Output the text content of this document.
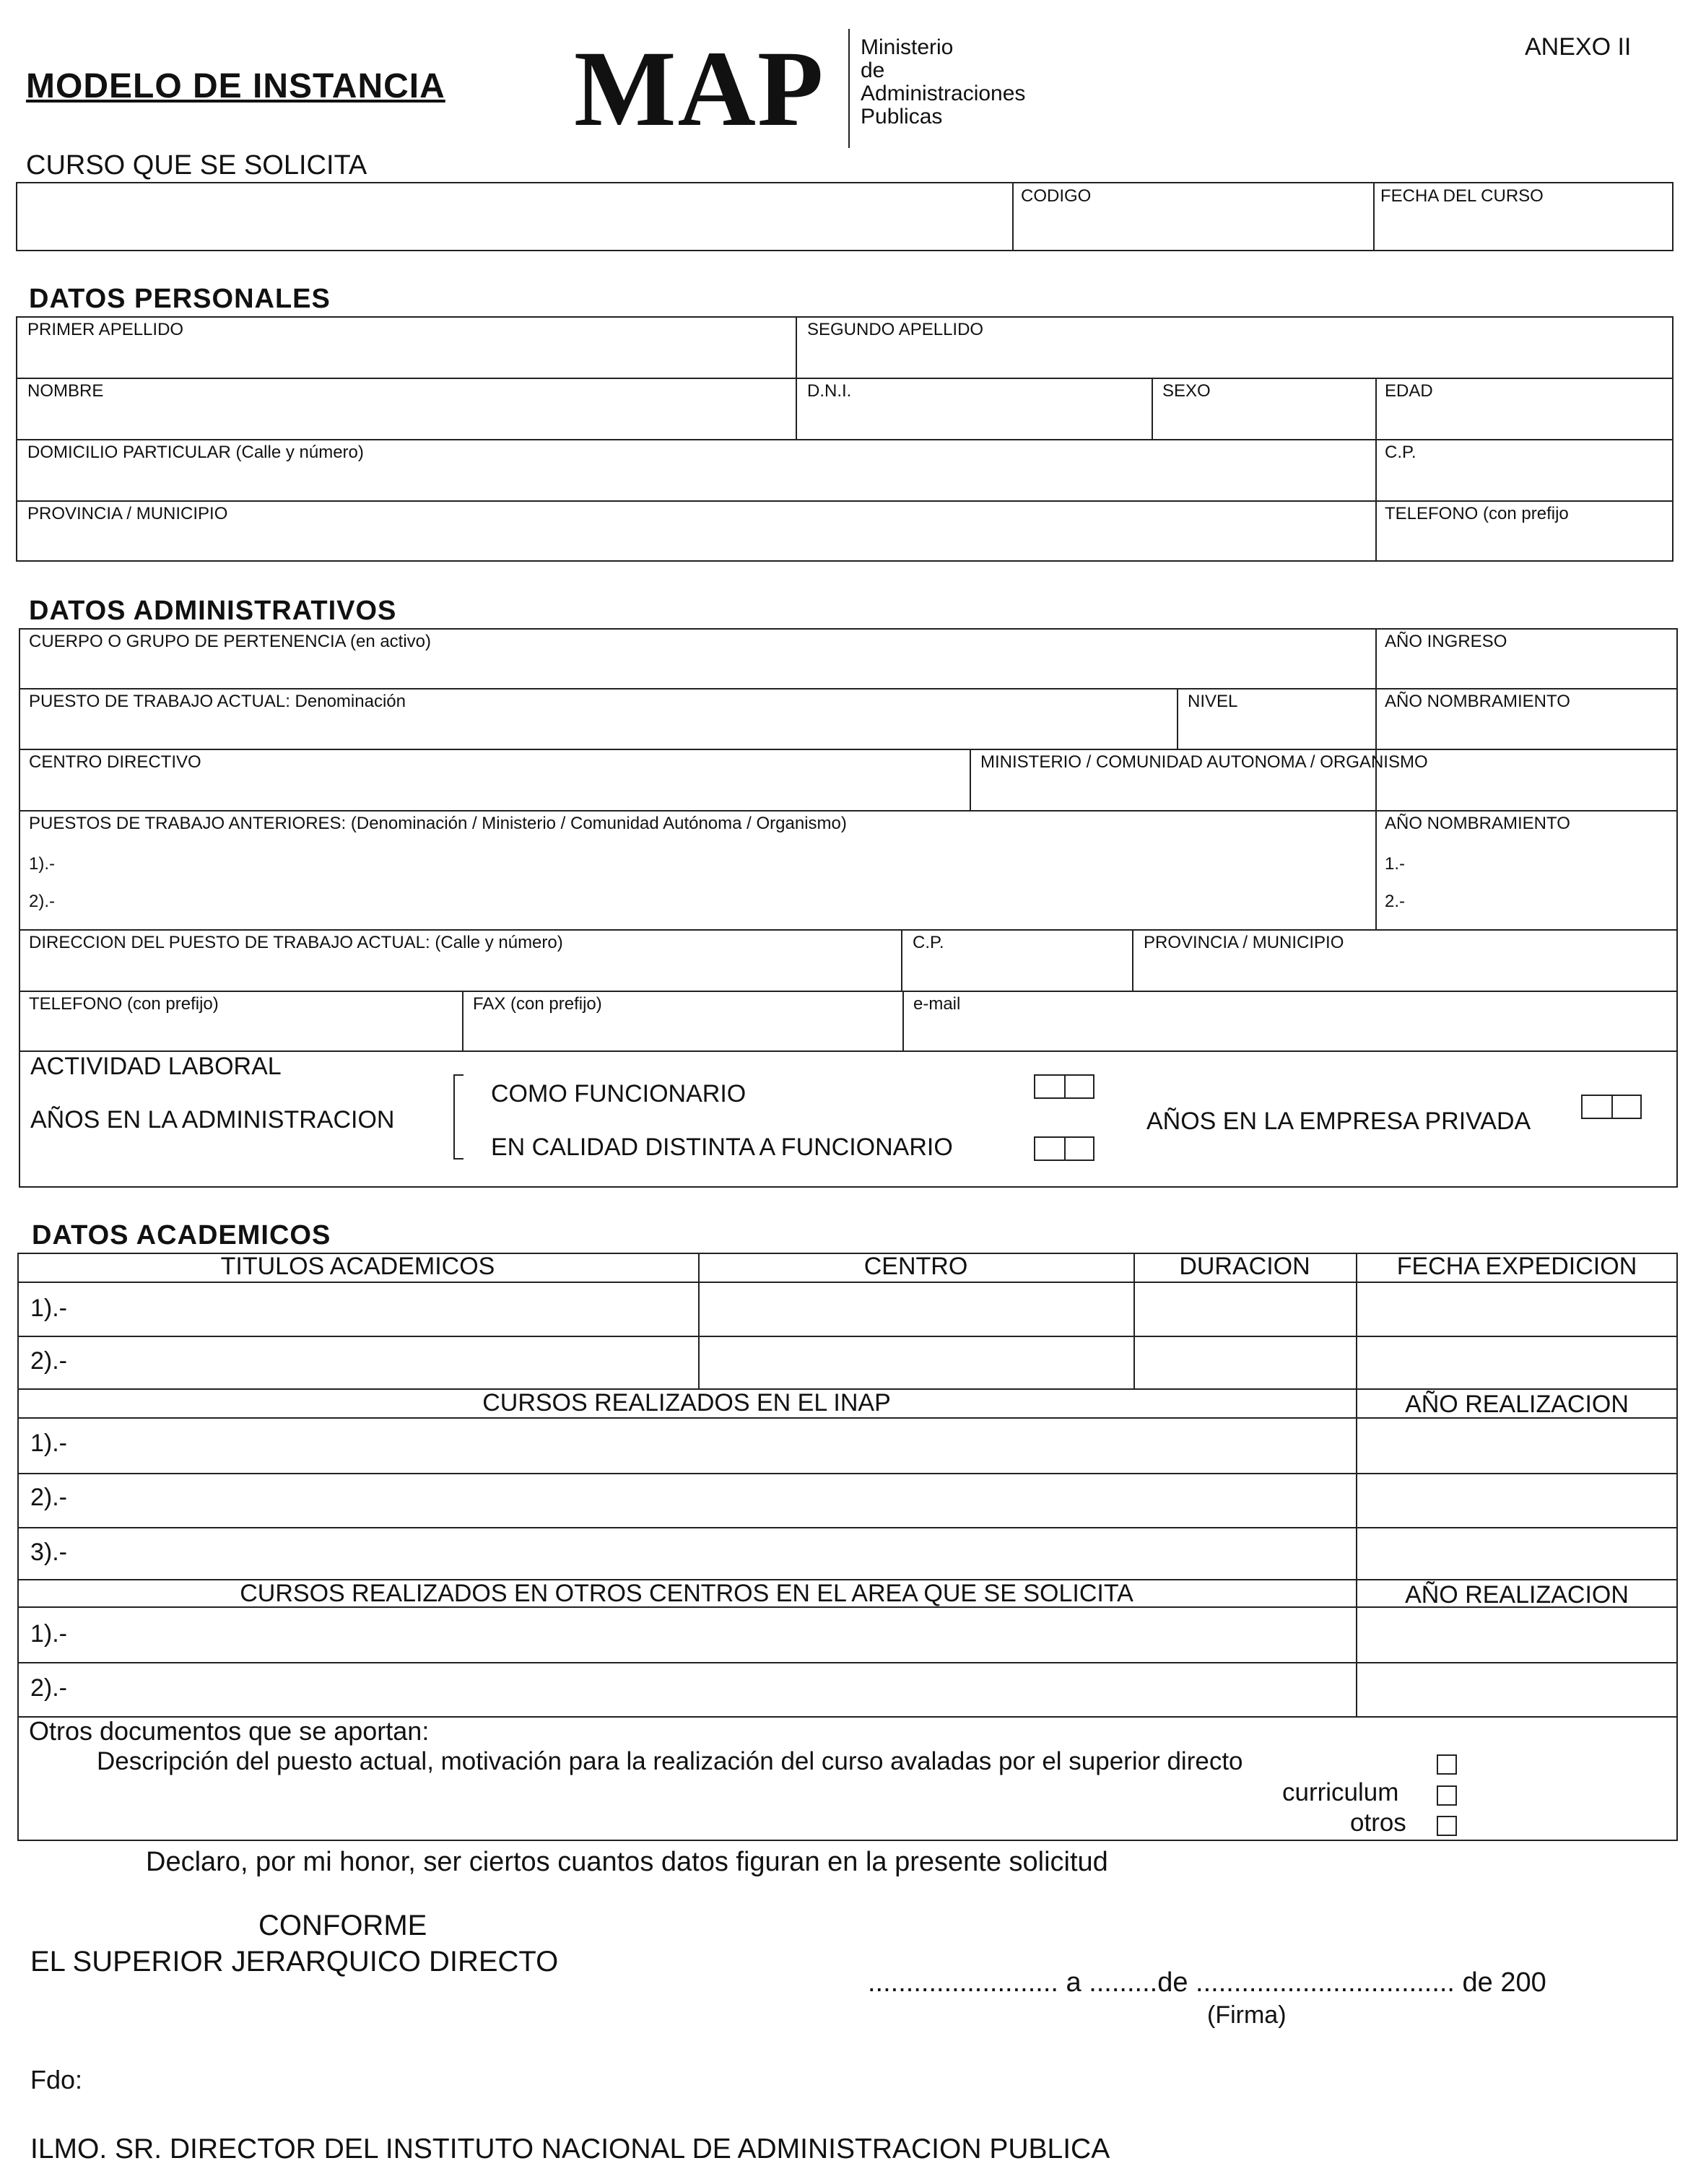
MODELO DE INSTANCIA MAP Ministerio
de
Administraciones
Publicas
ANEXO II
CURSO QUE SE SOLICITA
CODIGO	FECHA DEL CURSO
DATOS PERSONALES
PRIMER APELLIDO	SEGUNDO APELLIDO
NOMBRE	D.N.I.	SEXO	EDAD
DOMICILIO PARTICULAR (Calle y número)	C.P.
PROVINCIA / MUNICIPIO	TELEFONO (con prefijo
DATOS ADMINISTRATIVOS
CUERPO O GRUPO DE PERTENENCIA (en activo)	AÑO INGRESO
PUESTO DE TRABAJO ACTUAL: Denominación	NIVEL	AÑO NOMBRAMIENTO
CENTRO DIRECTIVO	MINISTERIO / COMUNIDAD AUTONOMA / ORGANISMO
PUESTOS DE TRABAJO ANTERIORES: (Denominación / Ministerio / Comunidad Autónoma / Organismo)	AÑO NOMBRAMIENTO
1).-
2).-
1.-
2.-
DIRECCION DEL PUESTO DE TRABAJO ACTUAL: (Calle y número)	C.P.	PROVINCIA / MUNICIPIO
TELEFONO (con prefijo)	FAX (con prefijo)	e-mail
ACTIVIDAD LABORAL
AÑOS EN LA ADMINISTRACION
COMO FUNCIONARIO
EN CALIDAD DISTINTA A FUNCIONARIO
AÑOS EN LA EMPRESA PRIVADA
DATOS ACADEMICOS
TITULOS ACADEMICOS	CENTRO	DURACION	FECHA EXPEDICION
1).-
2).-
CURSOS REALIZADOS EN EL INAP	AÑO REALIZACION
1).-
2).-
3).-
CURSOS REALIZADOS EN OTROS CENTROS EN EL AREA QUE SE SOLICITA	AÑO REALIZACION
1).-
2).-
Otros documentos que se aportan:
Descripción del puesto actual, motivación para la realización del curso avaladas por el superior directo
curriculum
otros
Declaro, por mi honor, ser ciertos cuantos datos figuran en la presente solicitud
CONFORME
EL SUPERIOR JERARQUICO DIRECTO
......................... a .........de .................................. de 200
(Firma)
Fdo:
ILMO. SR. DIRECTOR DEL INSTITUTO NACIONAL DE ADMINISTRACION PUBLICA
